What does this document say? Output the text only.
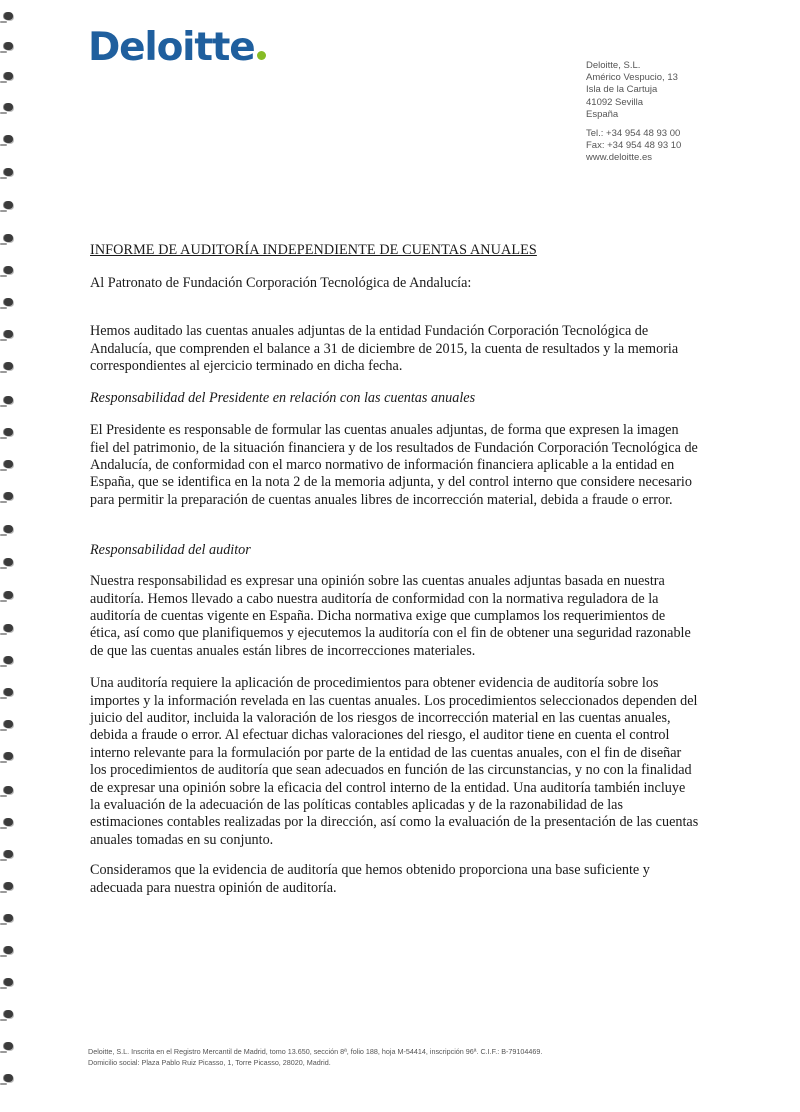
Deloitte	Deloitte, S.L.
Américo Vespucio, 13
Isla de la Cartuja
41092 Sevilla
España
Tel.: +34 954 48 93 00
Fax: +34 954 48 93 10
www.deloitte.es
INFORME DE AUDITORÍA INDEPENDIENTE DE CUENTAS ANUALES
Al Patronato de Fundación Corporación Tecnológica de Andalucía:

Hemos auditado las cuentas anuales adjuntas de la entidad Fundación Corporación Tecnológica de Andalucía, que comprenden el balance a 31 de diciembre de 2015, la cuenta de resultados y la memoria correspondientes al ejercicio terminado en dicha fecha.

Responsabilidad del Presidente en relación con las cuentas anuales

El Presidente es responsable de formular las cuentas anuales adjuntas, de forma que expresen la imagen fiel del patrimonio, de la situación financiera y de los resultados de Fundación Corporación Tecnológica de Andalucía, de conformidad con el marco normativo de información financiera aplicable a la entidad en España, que se identifica en la nota 2 de la memoria adjunta, y del control interno que considere necesario para permitir la preparación de cuentas anuales libres de incorrección material, debida a fraude o error.

Responsabilidad del auditor

Nuestra responsabilidad es expresar una opinión sobre las cuentas anuales adjuntas basada en nuestra auditoría. Hemos llevado a cabo nuestra auditoría de conformidad con la normativa reguladora de la auditoría de cuentas vigente en España. Dicha normativa exige que cumplamos los requerimientos de ética, así como que planifiquemos y ejecutemos la auditoría con el fin de obtener una seguridad razonable de que las cuentas anuales están libres de incorrecciones materiales.

Una auditoría requiere la aplicación de procedimientos para obtener evidencia de auditoría sobre los importes y la información revelada en las cuentas anuales. Los procedimientos seleccionados dependen del juicio del auditor, incluida la valoración de los riesgos de incorrección material en las cuentas anuales, debida a fraude o error. Al efectuar dichas valoraciones del riesgo, el auditor tiene en cuenta el control interno relevante para la formulación por parte de la entidad de las cuentas anuales, con el fin de diseñar los procedimientos de auditoría que sean adecuados en función de las circunstancias, y no con la finalidad de expresar una opinión sobre la eficacia del control interno de la entidad. Una auditoría también incluye la evaluación de la adecuación de las políticas contables aplicadas y de la razonabilidad de las estimaciones contables realizadas por la dirección, así como la evaluación de la presentación de las cuentas anuales tomadas en su conjunto.

Consideramos que la evidencia de auditoría que hemos obtenido proporciona una base suficiente y adecuada para nuestra opinión de auditoría.

Deloitte, S.L. Inscrita en el Registro Mercantil de Madrid, tomo 13.650, sección 8ª, folio 188, hoja M-54414, inscripción 96ª. C.I.F.: B-79104469.
Domicilio social: Plaza Pablo Ruiz Picasso, 1, Torre Picasso, 28020, Madrid.
